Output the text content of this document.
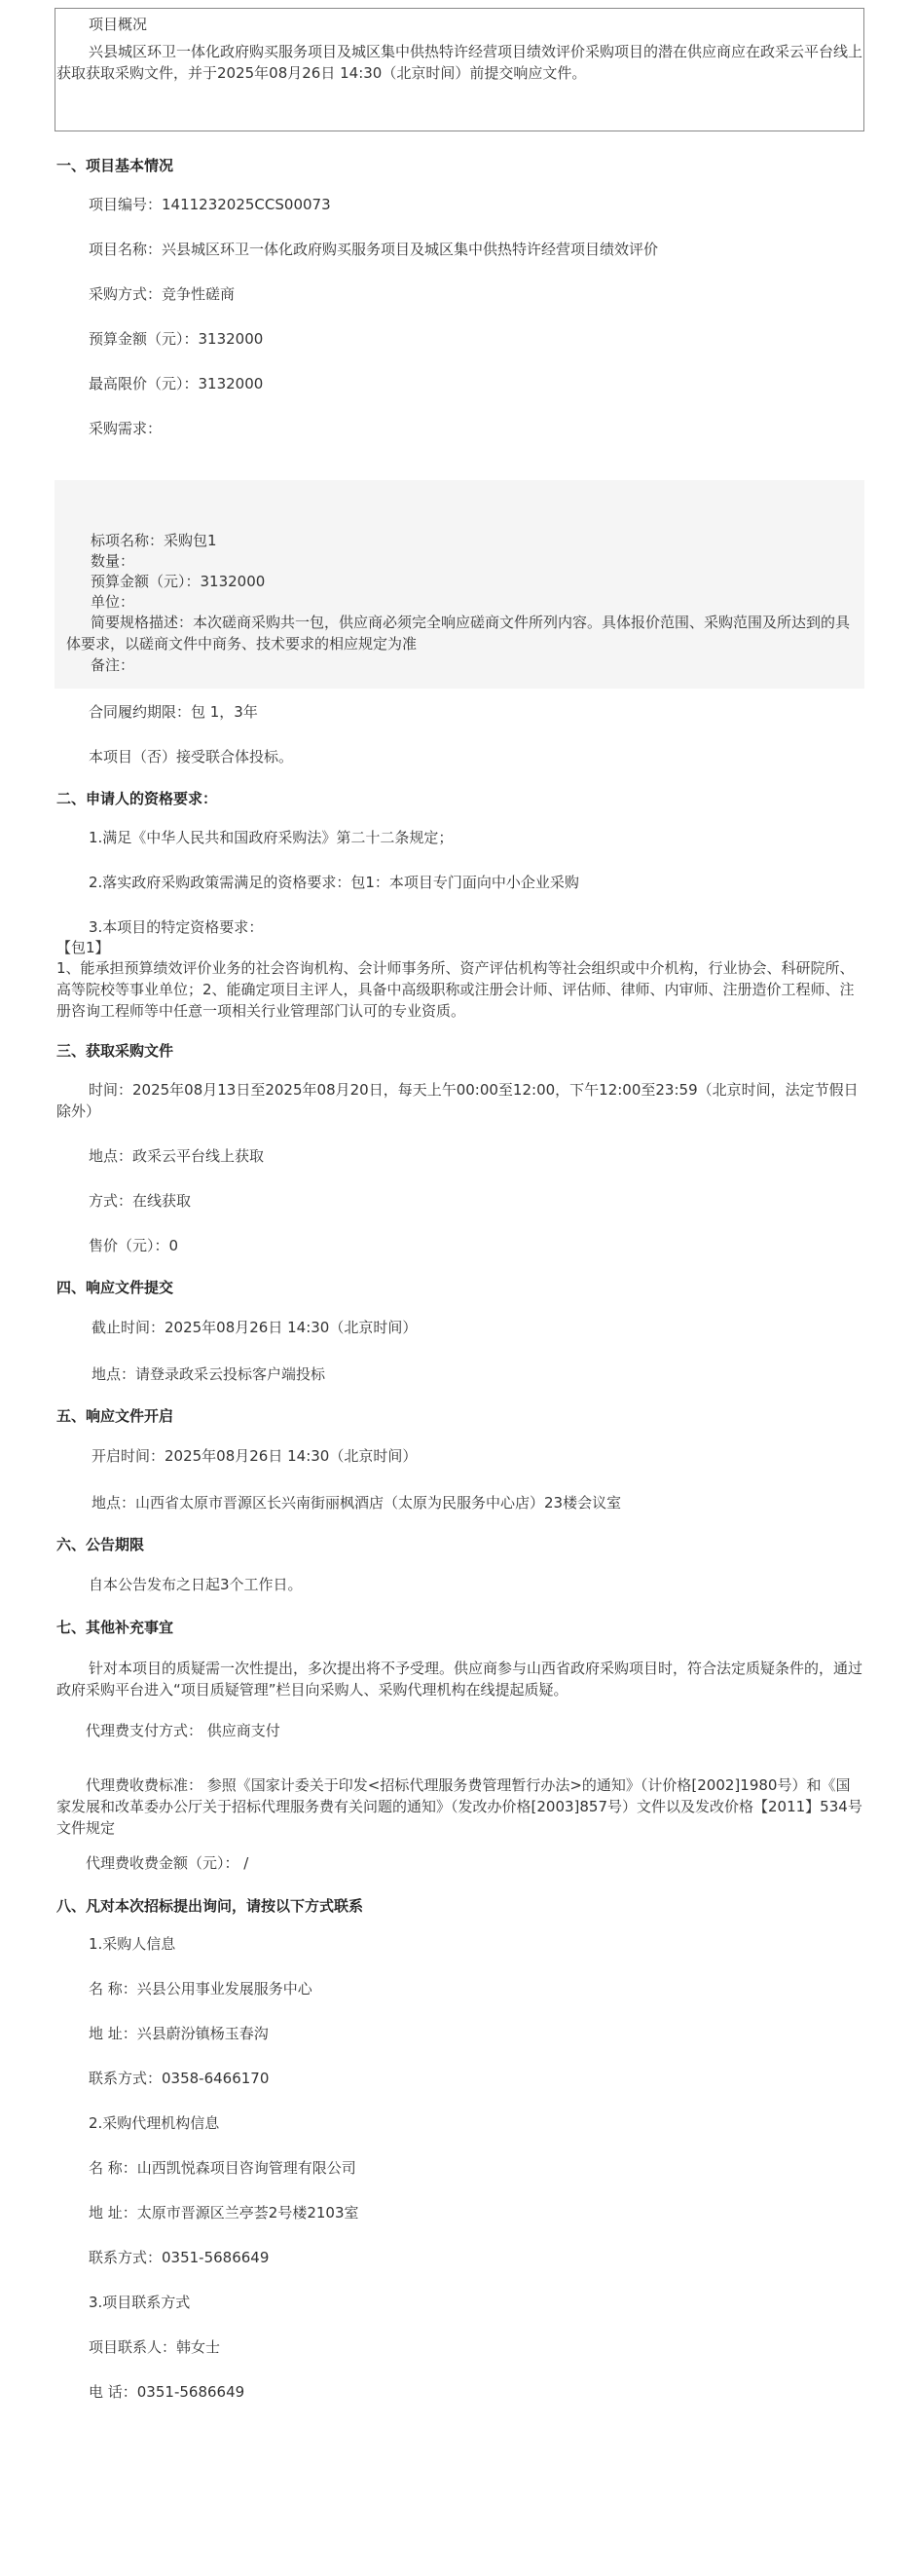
项目概况
兴县城区环卫一体化政府购买服务项目及城区集中供热特许经营项目绩效评价采购项目的潜在供应商应在政采云平台线上获取获取采购文件，并于2025年08月26日 14:30（北京时间）前提交响应文件。
一、项目基本情况
项目编号：1411232025CCS00073
项目名称：兴县城区环卫一体化政府购买服务项目及城区集中供热特许经营项目绩效评价
采购方式：竞争性磋商
预算金额（元）：3132000
最高限价（元）：3132000
采购需求：
标项名称：采购包1
数量：
预算金额（元）：3132000
单位：
简要规格描述：本次磋商采购共一包，供应商必须完全响应磋商文件所列内容。具体报价范围、采购范围及所达到的具体要求，以磋商文件中商务、技术要求的相应规定为准
备注：
合同履约期限：包 1，3年
本项目（否）接受联合体投标。
二、申请人的资格要求：
1.满足《中华人民共和国政府采购法》第二十二条规定；
2.落实政府采购政策需满足的资格要求：包1：本项目专门面向中小企业采购
3.本项目的特定资格要求：
【包1】
1、能承担预算绩效评价业务的社会咨询机构、会计师事务所、资产评估机构等社会组织或中介机构，行业协会、科研院所、高等院校等事业单位；2、能确定项目主评人，具备中高级职称或注册会计师、评估师、律师、内审师、注册造价工程师、注册咨询工程师等中任意一项相关行业管理部门认可的专业资质。
三、获取采购文件
时间：2025年08月13日至2025年08月20日，每天上午00:00至12:00，下午12:00至23:59（北京时间，法定节假日除外）
地点：政采云平台线上获取
方式：在线获取
售价（元）：0
四、响应文件提交
截止时间：2025年08月26日 14:30（北京时间）
地点：请登录政采云投标客户端投标
五、响应文件开启
开启时间：2025年08月26日 14:30（北京时间）
地点：山西省太原市晋源区长兴南街丽枫酒店（太原为民服务中心店）23楼会议室
六、公告期限
自本公告发布之日起3个工作日。
七、其他补充事宜
针对本项目的质疑需一次性提出，多次提出将不予受理。供应商参与山西省政府采购项目时，符合法定质疑条件的，通过政府采购平台进入“项目质疑管理”栏目向采购人、采购代理机构在线提起质疑。
代理费支付方式： 供应商支付
代理费收费标准： 参照《国家计委关于印发<招标代理服务费管理暂行办法>的通知》（计价格[2002]1980号）和《国家发展和改革委办公厅关于招标代理服务费有关问题的通知》（发改办价格[2003]857号）文件以及发改价格【2011】534号文件规定
代理费收费金额（元）： /
八、凡对本次招标提出询问，请按以下方式联系
1.采购人信息
名 称：兴县公用事业发展服务中心
地 址：兴县蔚汾镇杨玉春沟
联系方式：0358-6466170
2.采购代理机构信息
名 称：山西凯悦森项目咨询管理有限公司
地 址：太原市晋源区兰亭荟2号楼2103室
联系方式：0351-5686649
3.项目联系方式
项目联系人：韩女士
电 话：0351-5686649
